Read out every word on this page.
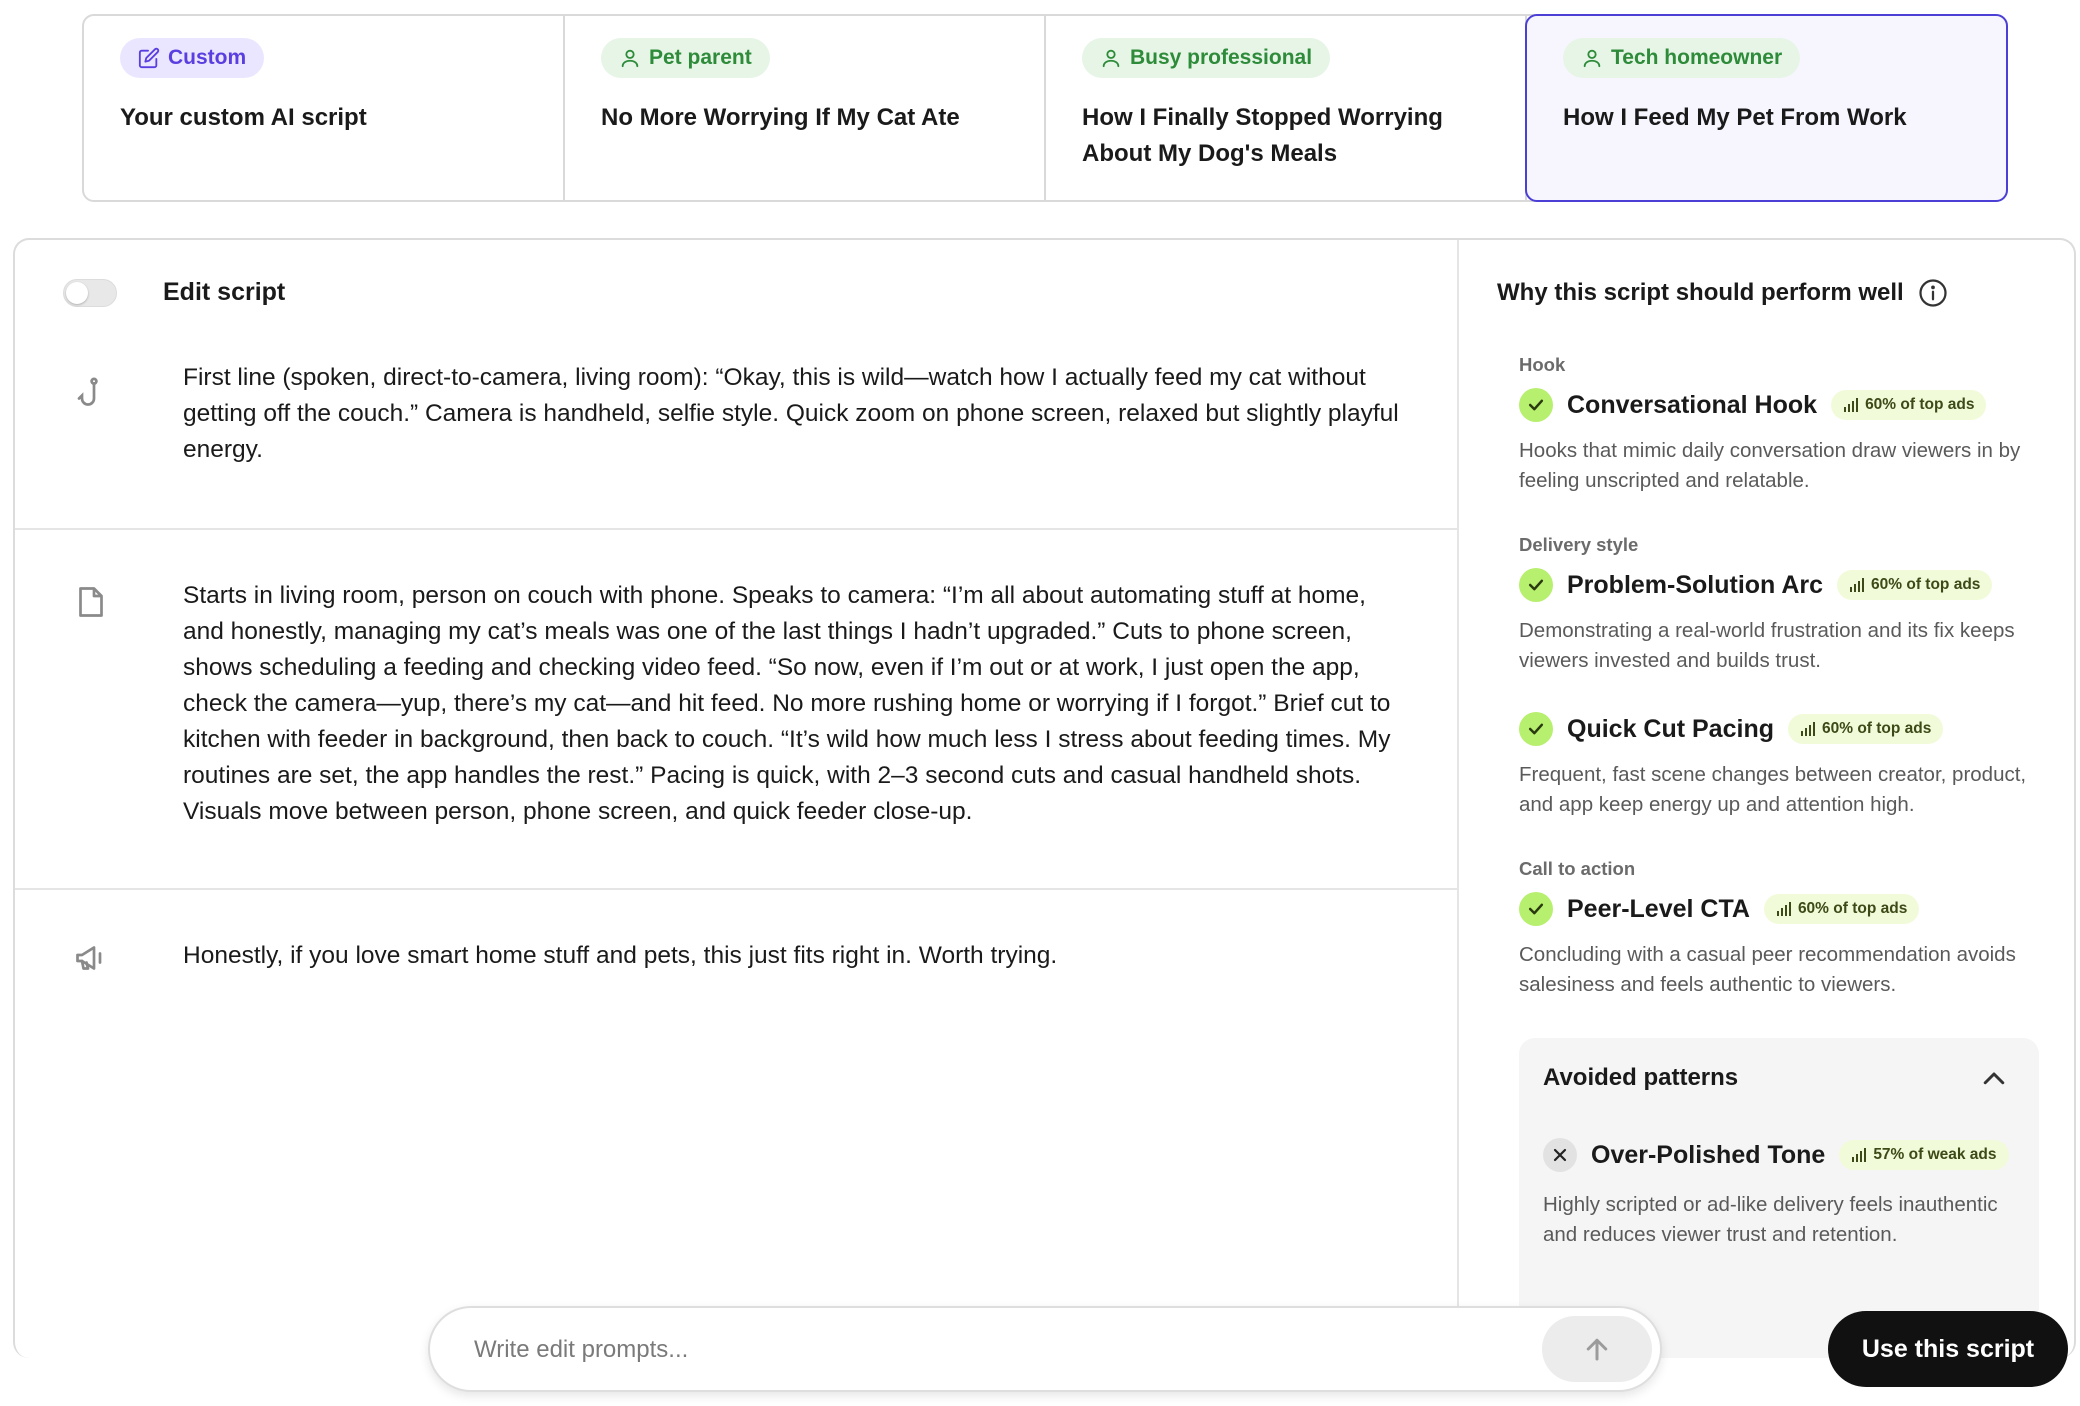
Custom
Your custom AI script
Pet parent
No More Worrying If My Cat Ate
Busy professional
How I Finally Stopped Worrying About My Dog's Meals
Tech homeowner
How I Feed My Pet From Work
Edit script
First line (spoken, direct-to-camera, living room): “Okay, this is wild—watch how I actually feed my cat without getting off the couch.” Camera is handheld, selfie style. Quick zoom on phone screen, relaxed but slightly playful energy.
Starts in living room, person on couch with phone. Speaks to camera: “I’m all about automating stuff at home, and honestly, managing my cat’s meals was one of the last things I hadn’t upgraded.” Cuts to phone screen, shows scheduling a feeding and checking video feed. “So now, even if I’m out or at work, I just open the app, check the camera—yup, there’s my cat—and hit feed. No more rushing home or worrying if I forgot.” Brief cut to kitchen with feeder in background, then back to couch. “It’s wild how much less I stress about feeding times. My routines are set, the app handles the rest.” Pacing is quick, with 2–3 second cuts and casual handheld shots. Visuals move between person, phone screen, and quick feeder close-up.
Honestly, if you love smart home stuff and pets, this just fits right in. Worth trying.
Why this script should perform well
Hook
Conversational Hook	60% of top ads
Hooks that mimic daily conversation draw viewers in by feeling unscripted and relatable.
Delivery style
Problem-Solution Arc	60% of top ads
Demonstrating a real-world frustration and its fix keeps viewers invested and builds trust.
Quick Cut Pacing	60% of top ads
Frequent, fast scene changes between creator, product, and app keep energy up and attention high.
Call to action
Peer-Level CTA	60% of top ads
Concluding with a casual peer recommendation avoids salesiness and feels authentic to viewers.
Avoided patterns
Over-Polished Tone	57% of weak ads
Highly scripted or ad-like delivery feels inauthentic and reduces viewer trust and retention.
Write edit prompts...
Use this script
